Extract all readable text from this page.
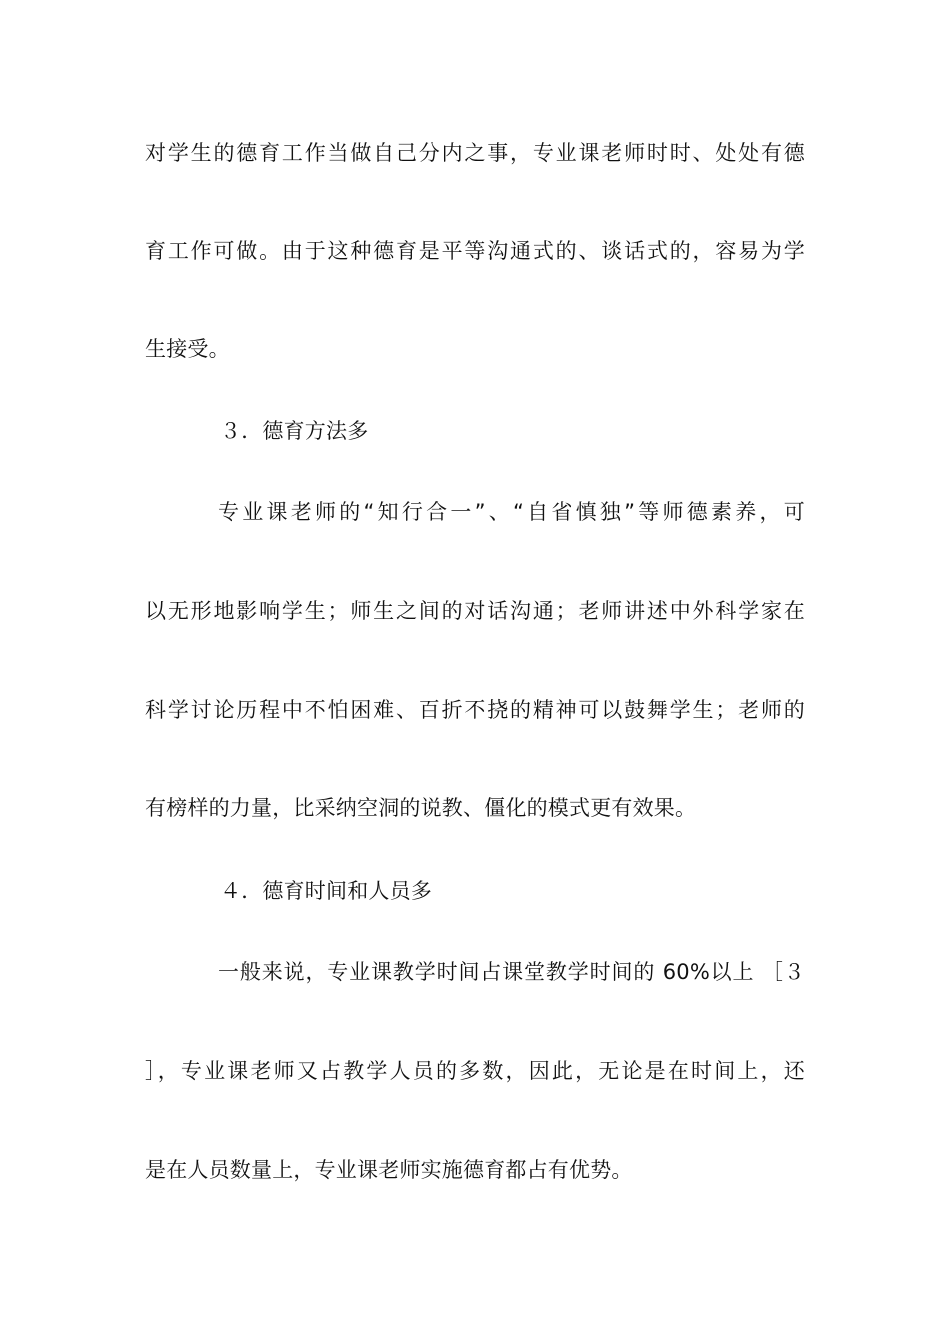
对学生的德育工作当做自己分内之事，专业课老师时时、处处有德
育工作可做。由于这种德育是平等沟通式的、谈话式的，容易为学
生接受。
３．德育方法多
专业课老师的“知行合一”、“自省慎独”等师德素养，可
以无形地影响学生；师生之间的对话沟通；老师讲述中外科学家在
科学讨论历程中不怕困难、百折不挠的精神可以鼓舞学生；老师的
有榜样的力量，比采纳空洞的说教、僵化的模式更有效果。
４．德育时间和人员多
一般来说，专业课教学时间占课堂教学时间的 60%以上 ［３
］，专业课老师又占教学人员的多数，因此，无论是在时间上，还
是在人员数量上，专业课老师实施德育都占有优势。
